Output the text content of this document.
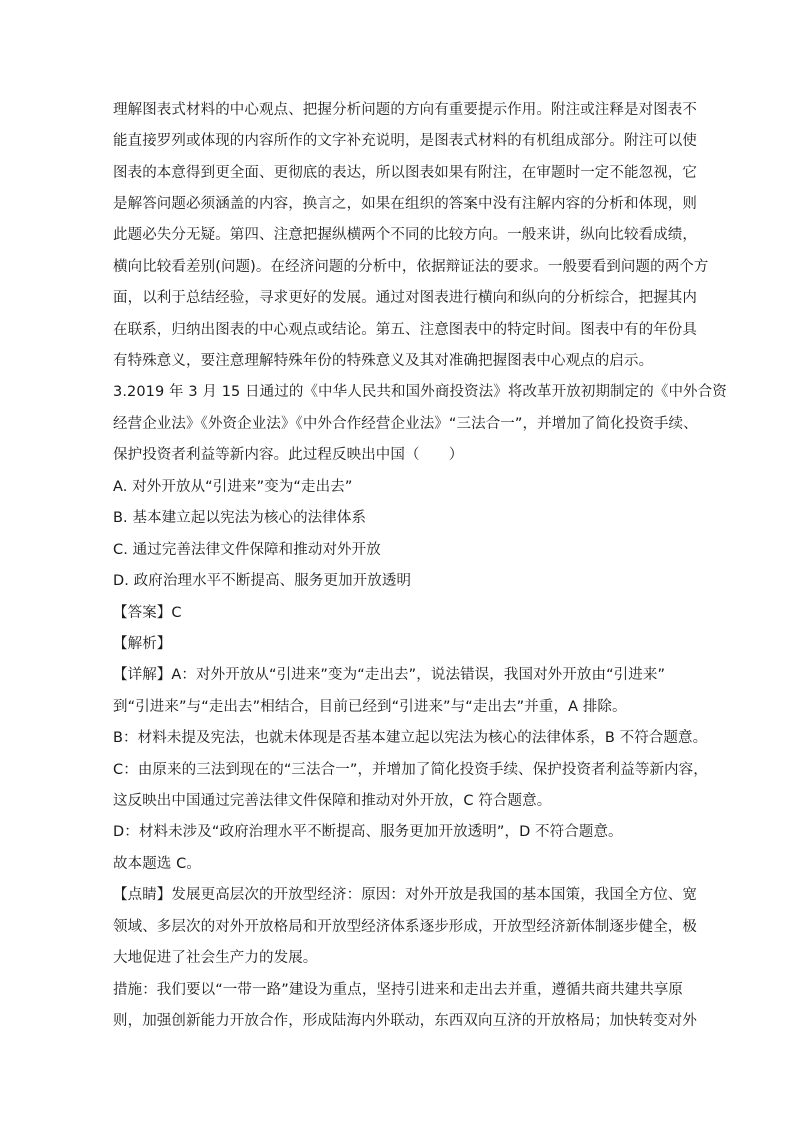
理解图表式材料的中心观点、把握分析问题的方向有重要提示作用。附注或注释是对图表不
能直接罗列或体现的内容所作的文字补充说明，是图表式材料的有机组成部分。附注可以使
图表的本意得到更全面、更彻底的表达，所以图表如果有附注，在审题时一定不能忽视，它
是解答问题必须涵盖的内容，换言之，如果在组织的答案中没有注解内容的分析和体现，则
此题必失分无疑。第四、注意把握纵横两个不同的比较方向。一般来讲，纵向比较看成绩，
横向比较看差别(问题)。在经济问题的分析中，依据辩证法的要求。一般要看到问题的两个方
面，以利于总结经验，寻求更好的发展。通过对图表进行横向和纵向的分析综合，把握其内
在联系，归纳出图表的中心观点或结论。第五、注意图表中的特定时间。图表中有的年份具
有特殊意义，要注意理解特殊年份的特殊意义及其对准确把握图表中心观点的启示。
3.2019 年 3 月 15 日通过的《中华人民共和国外商投资法》将改革开放初期制定的《中外合资
经营企业法》《外资企业法》《中外合作经营企业法》“三法合一”，并增加了简化投资手续、
保护投资者利益等新内容。此过程反映出中国（　　）
A. 对外开放从“引进来”变为“走出去”
B. 基本建立起以宪法为核心的法律体系
C. 通过完善法律文件保障和推动对外开放
D. 政府治理水平不断提高、服务更加开放透明
【答案】C
【解析】
【详解】A：对外开放从“引进来”变为“走出去”，说法错误，我国对外开放由“引进来”
到“引进来”与“走出去”相结合，目前已经到“引进来”与“走出去”并重，A 排除。
B：材料未提及宪法，也就未体现是否基本建立起以宪法为核心的法律体系，B 不符合题意。
C：由原来的三法到现在的“三法合一”，并增加了简化投资手续、保护投资者利益等新内容，
这反映出中国通过完善法律文件保障和推动对外开放，C 符合题意。
D：材料未涉及“政府治理水平不断提高、服务更加开放透明”，D 不符合题意。
故本题选 C。
【点睛】发展更高层次的开放型经济：原因：对外开放是我国的基本国策，我国全方位、宽
领域、多层次的对外开放格局和开放型经济体系逐步形成，开放型经济新体制逐步健全，极
大地促进了社会生产力的发展。
措施：我们要以“一带一路”建设为重点，坚持引进来和走出去并重，遵循共商共建共享原
则，加强创新能力开放合作，形成陆海内外联动，东西双向互济的开放格局；加快转变对外
